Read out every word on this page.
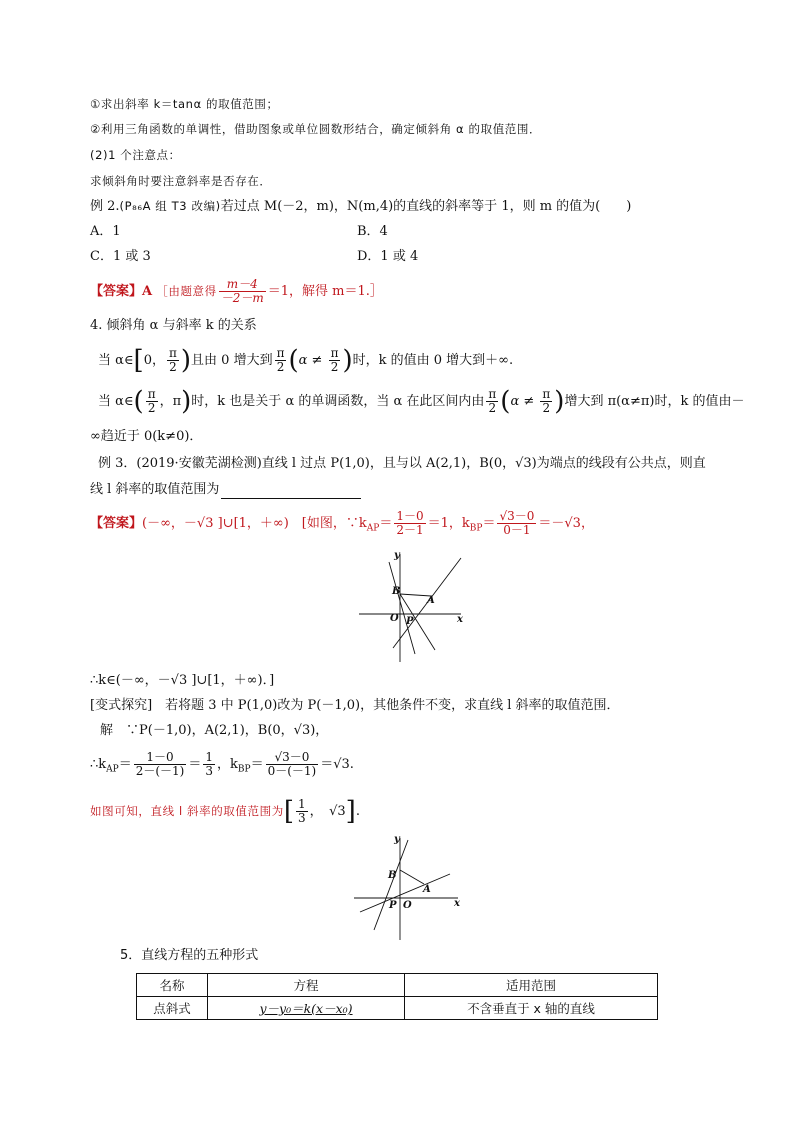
①求出斜率 k＝tanα 的取值范围；
②利用三角函数的单调性，借助图象或单位圆数形结合，确定倾斜角 α 的取值范围．
(2)1 个注意点：
求倾斜角时要注意斜率是否存在．
例 2.(P₈₆A 组 T3 改编)若过点 M(－2，m)，N(m,4)的直线的斜率等于 1，则 m 的值为(　　)
A．1	B．4
C．1 或 3	D．1 或 4
【答案】A ［由题意得 $\frac{m-4}{-2-m} =1$，解得 m＝1.］
4. 倾斜角 α 与斜率 k 的关系
当 α∈[0， $\frac{\pi}{2}$ )且由 0 增大到 $\frac{\pi}{2} (\alpha \ne \frac{\pi}{2}$ )时，k 的值由 0 增大到＋∞.
当 α∈( $\frac{\pi}{2}$ ，π)时，k 也是关于 α 的单调函数，当 α 在此区间内由 $\frac{\pi}{2} (\alpha \ne \frac{\pi}{2}$ )增大到 π(α≠π)时，k 的值由－
∞趋近于 0(k≠0)．
例 3．(2019·安徽芜湖检测)直线 l 过点 P(1,0)，且与以 A(2,1)，B(0，√3)为端点的线段有公共点，则直
线 l 斜率的取值范围为
【答案】(－∞，－√3 ]∪[1，＋∞)　[如图，$\because k_{AP}= \frac{1-0}{2-1} =1$，$k_{BP}= \frac{√3-0}{0-1} =-√3$，
y
x
B
A
O P
∴k∈(－∞，－√3 ]∪[1，＋∞)．]
[变式探究]　若将题 3 中 P(1,0)改为 P(－1,0)，其他条件不变，求直线 l 斜率的取值范围．
解　∵P(－1,0)，A(2,1)，B(0，√3)，
$\therefore k_{AP}= \frac{1-0}{2-(-1)} = \frac{1}{3}$ ，$k_{BP}= \frac{√3-0}{0-(-1)} =√3$.
如图可知，直线 l 斜率的取值范围为[ $\frac{1}{3}$ ，　√3].
y
x
B
A
O
P
5．直线方程的五种形式
名称	方程	适用范围
点斜式	y－y₀＝k(x－x₀)	不含垂直于 x 轴的直线
